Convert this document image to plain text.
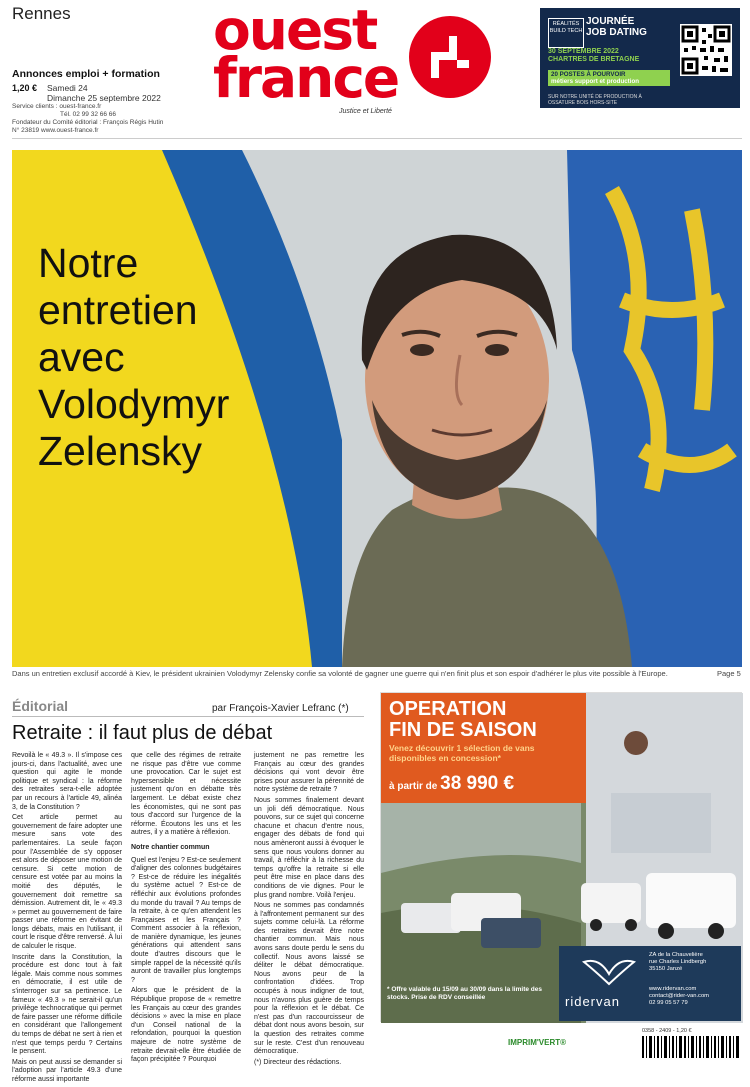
Rennes
Annonces emploi + formation
1,20 €	Samedi 24
Dimanche 25 septembre 2022
Service clients : ouest-france.fr
Tél. 02 99 32 66 66
Fondateur du Comité éditorial : François Régis Hutin
N° 23819 www.ouest-france.fr
ouest
france
Justice et Liberté
RÉALITÉS BUILD TECH
JOURNÉE
JOB DATING
30 SEPTEMBRE 2022
CHARTRES DE BRETAGNE
20 POSTES À POURVOIR
métiers support et production
SUR NOTRE UNITÉ DE PRODUCTION À OSSATURE BOIS HORS-SITE
Notre
entretien
avec
Volodymyr
Zelensky
Dans un entretien exclusif accordé à Kiev, le président ukrainien Volodymyr Zelensky confie sa volonté de gagner une guerre qui n'en finit plus et son espoir d'adhérer le plus vite possible à l'Europe.	Page 5
Éditorial	par François-Xavier Lefranc (*)
Retraite : il faut plus de débat

Revoilà le « 49.3 ». Il s'impose ces jours-ci, dans l'actualité, avec une question qui agite le monde politique et syndical : la réforme des retraites sera-t-elle adoptée par un recours à l'article 49, alinéa 3, de la Constitution ?

Cet article permet au gouvernement de faire adopter une mesure sans vote des parlementaires. La seule façon pour l'Assemblée de s'y opposer est alors de déposer une motion de censure. Si cette motion de censure est votée par au moins la moitié des députés, le gouvernement doit remettre sa démission. Autrement dit, le « 49.3 » permet au gouvernement de faire passer une réforme en évitant de longs débats, mais en l'utilisant, il court le risque d'être renversé. À lui de calculer le risque.

Inscrite dans la Constitution, la procédure est donc tout à fait légale. Mais comme nous sommes en démocratie, il est utile de s'interroger sur sa pertinence. Le fameux « 49.3 » ne serait-il qu'un privilège technocratique qui permet de faire passer une réforme difficile en considérant que l'allongement du temps de débat ne sert à rien et n'est que temps perdu ? Certains le pensent.

Mais on peut aussi se demander si l'adoption par l'article 49.3 d'une réforme aussi importante

que celle des régimes de retraite ne risque pas d'être vue comme une provocation. Car le sujet est hypersensible et nécessite justement qu'on en débatte très largement. Le débat existe chez les économistes, qui ne sont pas tous d'accord sur l'urgence de la réforme. Écoutons les uns et les autres, il y a matière à réflexion.

Notre chantier commun

Quel est l'enjeu ? Est-ce seulement d'aligner des colonnes budgétaires ? Est-ce de réduire les inégalités du système actuel ? Est-ce de réfléchir aux évolutions profondes du monde du travail ? Au temps de la retraite, à ce qu'en attendent les Françaises et les Français ? Comment associer à la réflexion, de manière dynamique, les jeunes générations qui attendent sans doute d'autres discours que le simple rappel de la nécessité qu'ils auront de travailler plus longtemps ?

Alors que le président de la République propose de « remettre les Français au cœur des grandes décisions » avec la mise en place d'un Conseil national de la refondation, pourquoi la question majeure de notre système de retraite devrait-elle être étudiée de façon précipitée ? Pourquoi

justement ne pas remettre les Français au cœur des grandes décisions qui vont devoir être prises pour assurer la pérennité de notre système de retraite ?

Nous sommes finalement devant un joli défi démocratique. Nous pouvons, sur ce sujet qui concerne chacune et chacun d'entre nous, engager des débats de fond qui nous amèneront aussi à évoquer le sens que nous voulons donner au travail, à réfléchir à la richesse du temps qu'offre la retraite si elle peut être mise en place dans des conditions de vie dignes. Pour le plus grand nombre. Voilà l'enjeu.

Nous ne sommes pas condamnés à l'affrontement permanent sur des sujets comme celui-là. La réforme des retraites devrait être notre chantier commun. Mais nous avons sans doute perdu le sens du collectif. Nous avons laissé se déliter le débat démocratique. Nous avons peur de la confrontation d'idées. Trop occupés à nous indigner de tout, nous n'avons plus guère de temps pour la réflexion et le débat. Ce n'est pas d'un raccourcisseur de débat dont nous avons besoin, sur la question des retraites comme sur le reste. C'est d'un renouveau démocratique.

(*) Directeur des rédactions.

OPERATION
FIN DE SAISON
Venez découvrir 1 sélection de vans disponibles en concession*
à partir de 38 990 €
* Offre valable du 15/09 au 30/09 dans la limite des stocks. Prise de RDV conseillée	ridervan
ZA de la Chauvelière
rue Charles Lindbergh
35150 Janzé
www.ridervan.com
contact@rider-van.com
02 99 05 57 79
IMPRIM'VERT®
0358 - 2409 - 1,20 €
